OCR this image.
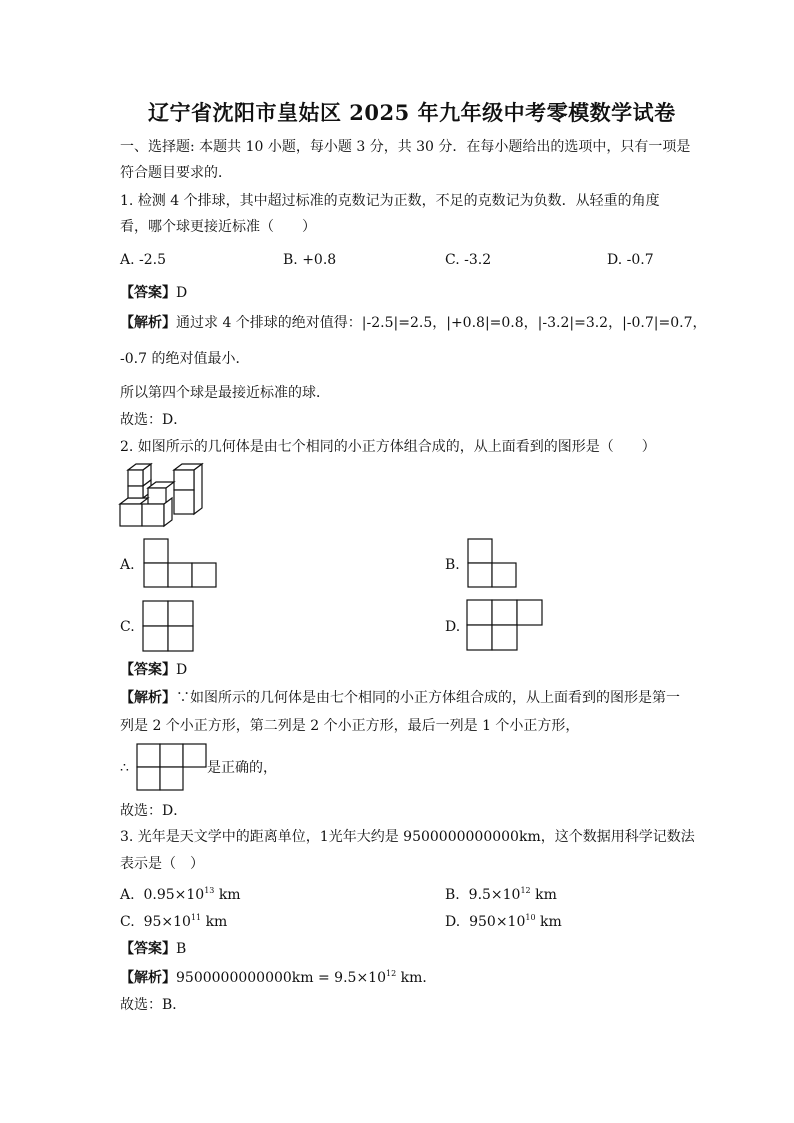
辽宁省沈阳市皇姑区 2025 年九年级中考零模数学试卷
一、选择题: 本题共 10 小题，每小题 3 分，共 30 分．在每小题给出的选项中，只有一项是
符合题目要求的．
1. 检测 4 个排球，其中超过标准的克数记为正数，不足的克数记为负数．从轻重的角度
看，哪个球更接近标准（　　）
A. -2.5	B. +0.8	C. -3.2	D. -0.7
【答案】D
【解析】通过求 4 个排球的绝对值得：|-2.5|=2.5，|+0.8|=0.8，|-3.2|=3.2，|-0.7|=0.7，
-0.7 的绝对值最小．
所以第四个球是最接近标准的球．
故选：D．
2. 如图所示的几何体是由七个相同的小正方体组合成的，从上面看到的图形是（　　）
A.	B.
C.	D.
【答案】D
【解析】∵如图所示的几何体是由七个相同的小正方体组合成的，从上面看到的图形是第一
列是 2 个小正方形，第二列是 2 个小正方形，最后一列是 1 个小正方形，
∴	是正确的，
故选：D．
3. 光年是天文学中的距离单位，1光年大约是 9500000000000km，这个数据用科学记数法
表示是（　）
A. $0.95\times 10^{13}$ km	B. $9.5\times 10^{12}$ km
C. $95\times 10^{11}$ km	D. $950\times 10^{10}$ km
【答案】B
【解析】$9500000000000km = 9.5\times 10^{12}$ km．
故选：B．
